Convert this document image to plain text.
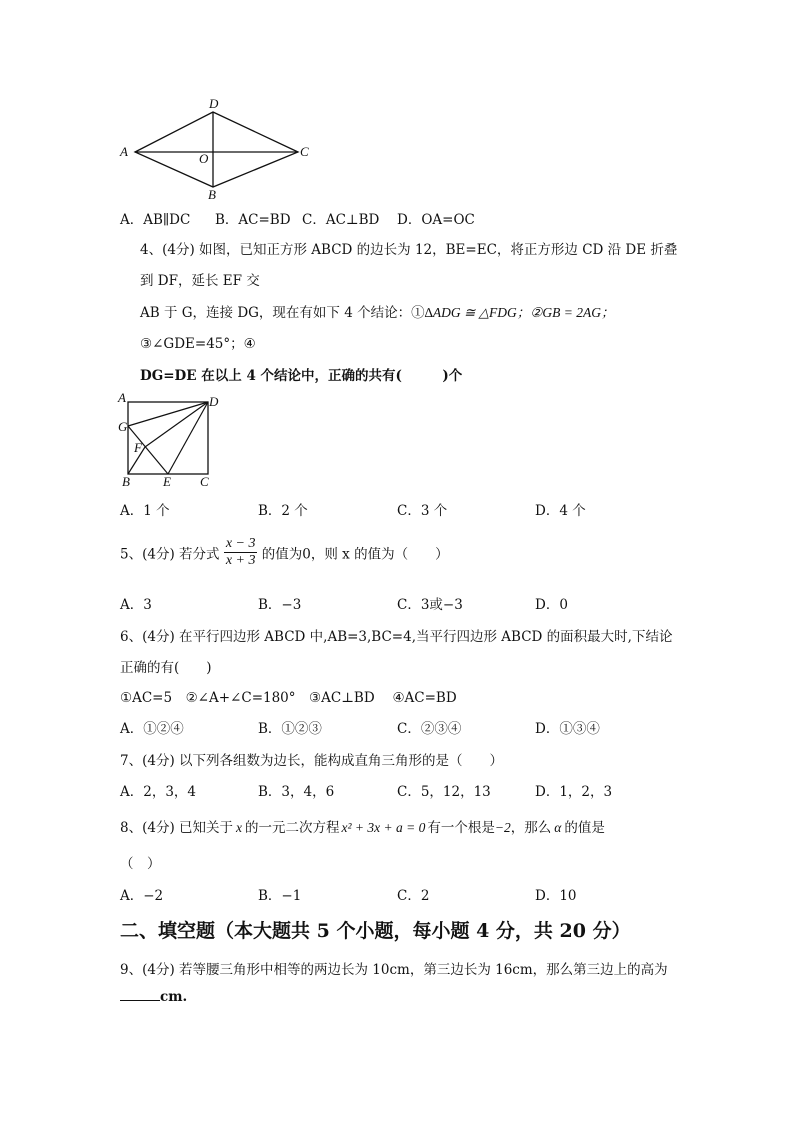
D
A	O	C
B
A．AB∥DC B．AC=BD C．AC⊥BD D．OA=OC
4、(4分) 如图，已知正方形 ABCD 的边长为 12，BE=EC，将正方形边 CD 沿 DE 折叠
到 DF，延长 EF 交
AB 于 G，连接 DG，现在有如下 4 个结论：①∆ADG ≅ △FDG；②GB = 2AG；
③∠GDE=45°；④
DG=DE 在以上 4 个结论中，正确的共有(　　　)个
A	D
G
F
B	E C
A．1 个	B．2 个	C．3 个	D．4 个
5、(4分) 若分式 $\frac{x - 3}{x + 3}$ 的值为0，则 x 的值为（　　）
A．3	B．−3	C．3或−3	D．0
6、(4分) 在平行四边形 ABCD 中,AB=3,BC=4,当平行四边形 ABCD 的面积最大时,下结论
正确的有(　　)
①AC=5　②∠A+∠C=180°　③AC⊥BD　 ④AC=BD
A．①②④	B．①②③	C．②③④	D．①③④
7、(4分) 以下列各组数为边长，能构成直角三角形的是（　　）
A．2，3，4	B．3，4，6	C．5，12，13	D．1，2，3
8、(4分) 已知关于 x 的一元二次方程 x² + 3x + a = 0 有一个根是−2，那么 α 的值是
（　）
A．−2	B．−1	C．2	D．10
二、填空题（本大题共 5 个小题，每小题 4 分，共 20 分）
9、(4分) 若等腰三角形中相等的两边长为 10cm，第三边长为 16cm，那么第三边上的高为
cm.
